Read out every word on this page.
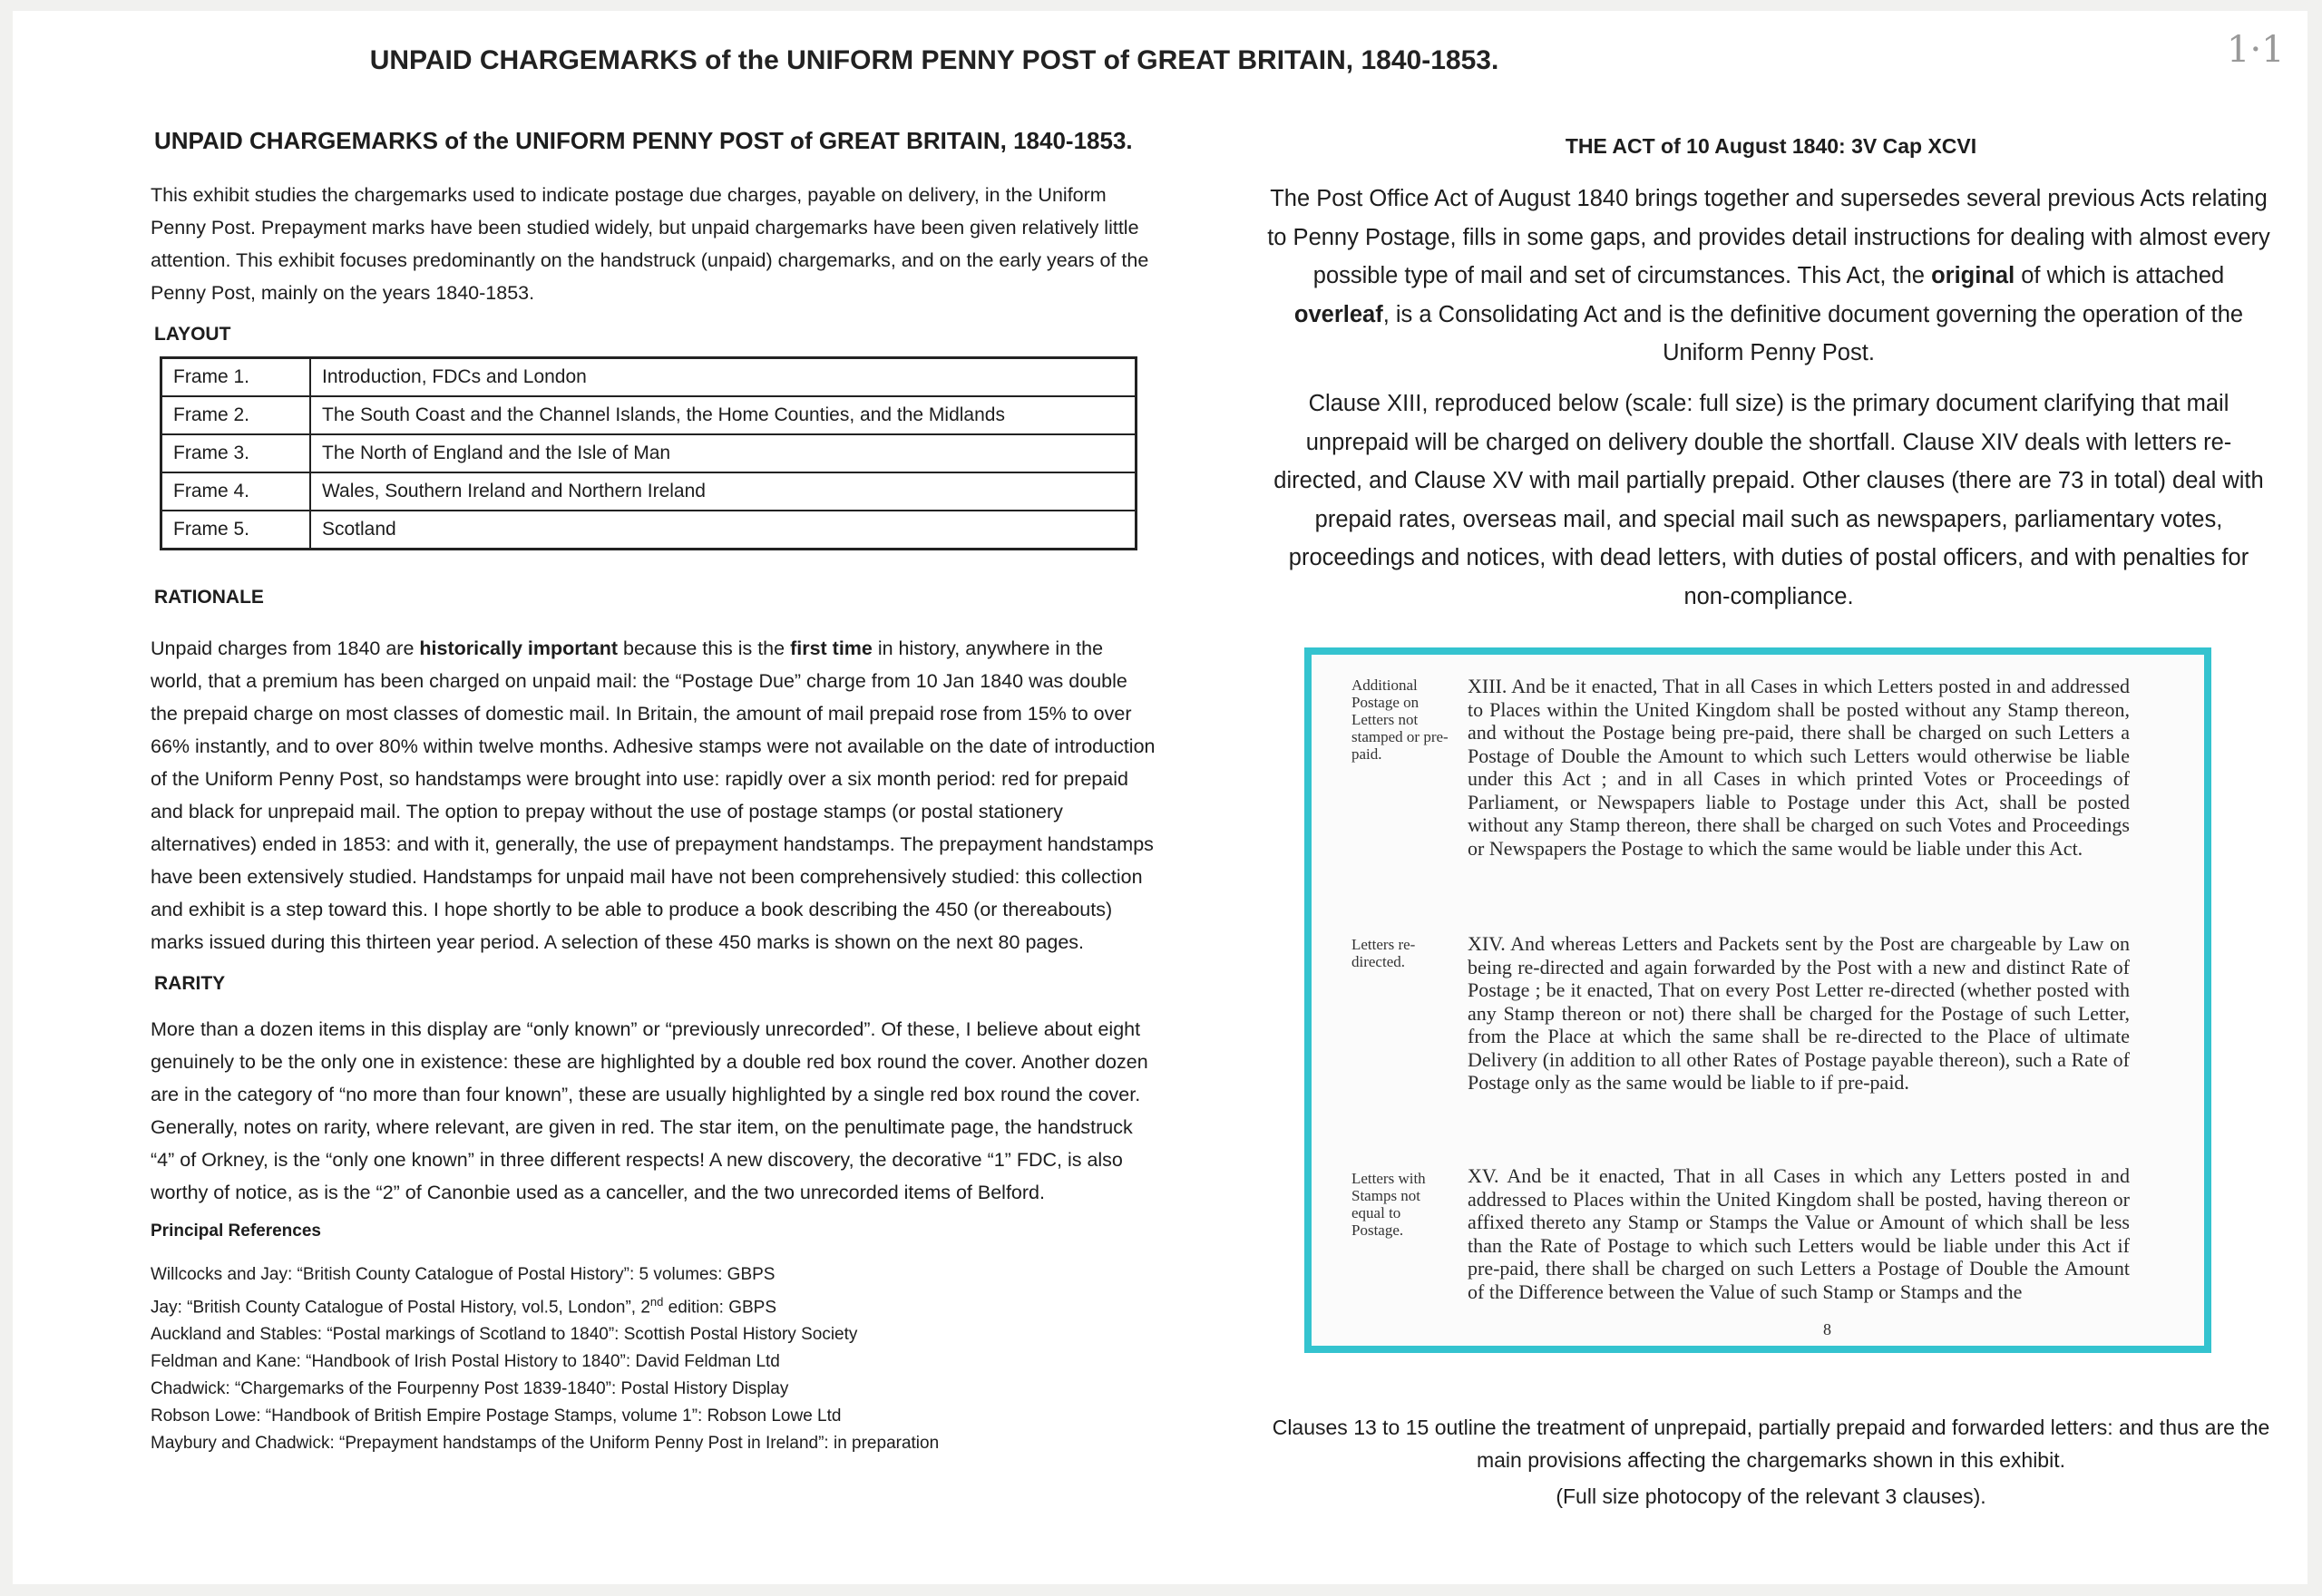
UNPAID CHARGEMARKS of the UNIFORM PENNY POST of GREAT BRITAIN, 1840-1853.	1·1
UNPAID CHARGEMARKS of the UNIFORM PENNY POST of GREAT BRITAIN, 1840-1853.

This exhibit studies the chargemarks used to indicate postage due charges, payable on delivery, in the Uniform Penny Post. Prepayment marks have been studied widely, but unpaid chargemarks have been given relatively little attention. This exhibit focuses predominantly on the handstruck (unpaid) chargemarks, and on the early years of the Penny Post, mainly on the years 1840-1853.

LAYOUT
Frame 1.	Introduction, FDCs and London
Frame 2.	The South Coast and the Channel Islands, the Home Counties, and the Midlands
Frame 3.	The North of England and the Isle of Man
Frame 4.	Wales, Southern Ireland and Northern Ireland
Frame 5.	Scotland
RATIONALE

Unpaid charges from 1840 are historically important because this is the first time in history, anywhere in the world, that a premium has been charged on unpaid mail: the “Postage Due” charge from 10 Jan 1840 was double the prepaid charge on most classes of domestic mail. In Britain, the amount of mail prepaid rose from 15% to over 66% instantly, and to over 80% within twelve months. Adhesive stamps were not available on the date of introduction of the Uniform Penny Post, so handstamps were brought into use: rapidly over a six month period: red for prepaid and black for unprepaid mail. The option to prepay without the use of postage stamps (or postal stationery alternatives) ended in 1853: and with it, generally, the use of prepayment handstamps. The prepayment handstamps have been extensively studied. Handstamps for unpaid mail have not been comprehensively studied: this collection and exhibit is a step toward this. I hope shortly to be able to produce a book describing the 450 (or thereabouts) marks issued during this thirteen year period. A selection of these 450 marks is shown on the next 80 pages.

RARITY

More than a dozen items in this display are “only known” or “previously unrecorded”. Of these, I believe about eight genuinely to be the only one in existence: these are highlighted by a double red box round the cover. Another dozen are in the category of “no more than four known”, these are usually highlighted by a single red box round the cover. Generally, notes on rarity, where relevant, are given in red. The star item, on the penultimate page, the handstruck “4” of Orkney, is the “only one known” in three different respects! A new discovery, the decorative “1” FDC, is also worthy of notice, as is the “2” of Canonbie used as a canceller, and the two unrecorded items of Belford.

Principal References

Willcocks and Jay: “British County Catalogue of Postal History”: 5 volumes: GBPS

Jay: “British County Catalogue of Postal History, vol.5, London”, 2nd edition: GBPS

Auckland and Stables: “Postal markings of Scotland to 1840”: Scottish Postal History Society

Feldman and Kane: “Handbook of Irish Postal History to 1840”: David Feldman Ltd

Chadwick: “Chargemarks of the Fourpenny Post 1839-1840”: Postal History Display

Robson Lowe: “Handbook of British Empire Postage Stamps, volume 1”: Robson Lowe Ltd

Maybury and Chadwick: “Prepayment handstamps of the Uniform Penny Post in Ireland”: in preparation

THE ACT of 10 August 1840: 3V Cap XCVI

The Post Office Act of August 1840 brings together and supersedes several previous Acts relating to Penny Postage, fills in some gaps, and provides detail instructions for dealing with almost every possible type of mail and set of circumstances. This Act, the original of which is attached overleaf, is a Consolidating Act and is the definitive document governing the operation of the Uniform Penny Post.

Clause XIII, reproduced below (scale: full size) is the primary document clarifying that mail unprepaid will be charged on delivery double the shortfall. Clause XIV deals with letters re-directed, and Clause XV with mail partially prepaid. Other clauses (there are 73 in total) deal with prepaid rates, overseas mail, and special mail such as newspapers, parliamentary votes, proceedings and notices, with dead letters, with duties of postal officers, and with penalties for non-compliance.

Additional Postage on Letters not stamped or pre-paid.

XIII. And be it enacted, That in all Cases in which Letters posted in and addressed to Places within the United Kingdom shall be posted without any Stamp thereon, and without the Postage being pre-paid, there shall be charged on such Letters a Postage of Double the Amount to which such Letters would otherwise be liable under this Act ; and in all Cases in which printed Votes or Proceedings of Parliament, or Newspapers liable to Postage under this Act, shall be posted without any Stamp thereon, there shall be charged on such Votes and Proceedings or Newspapers the Postage to which the same would be liable under this Act.

Letters re-directed.

XIV. And whereas Letters and Packets sent by the Post are chargeable by Law on being re-directed and again forwarded by the Post with a new and distinct Rate of Postage ; be it enacted, That on every Post Letter re-directed (whether posted with any Stamp thereon or not) there shall be charged for the Postage of such Letter, from the Place at which the same shall be re-directed to the Place of ultimate Delivery (in addition to all other Rates of Postage payable thereon), such a Rate of Postage only as the same would be liable to if pre-paid.

Letters with Stamps not equal to Postage.

XV. And be it enacted, That in all Cases in which any Letters posted in and addressed to Places within the United Kingdom shall be posted, having thereon or affixed thereto any Stamp or Stamps the Value or Amount of which shall be less than the Rate of Postage to which such Letters would be liable under this Act if pre-paid, there shall be charged on such Letters a Postage of Double the Amount of the Difference between the Value of such Stamp or Stamps and the

8

Clauses 13 to 15 outline the treatment of unprepaid, partially prepaid and forwarded letters: and thus are the main provisions affecting the chargemarks shown in this exhibit.

(Full size photocopy of the relevant 3 clauses).
